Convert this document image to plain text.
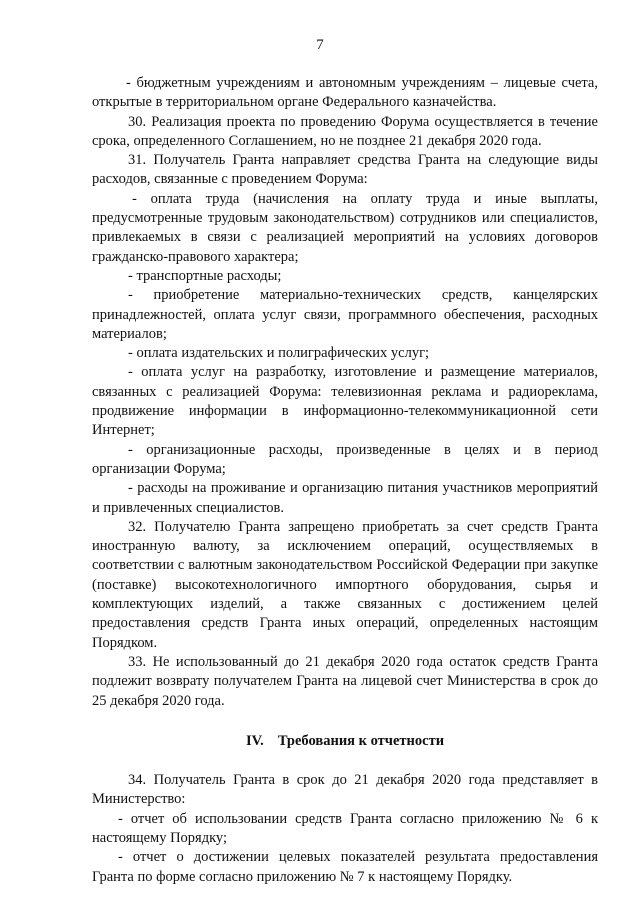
7

- бюджетным учреждениям и автономным учреждениям – лицевые счета, открытые в территориальном органе Федерального казначейства.

30. Реализация проекта по проведению Форума осуществляется в течение срока, определенного Соглашением, но не позднее 21 декабря 2020 года.

31. Получатель Гранта направляет средства Гранта на следующие виды расходов, связанные с проведением Форума:

- оплата труда (начисления на оплату труда и иные выплаты, предусмотренные трудовым законодательством) сотрудников или специалистов, привлекаемых в связи с реализацией мероприятий на условиях договоров гражданско-правового характера;

- транспортные расходы;

- приобретение материально-технических средств, канцелярских принадлежностей, оплата услуг связи, программного обеспечения, расходных материалов;

- оплата издательских и полиграфических услуг;

- оплата услуг на разработку, изготовление и размещение материалов, связанных с реализацией Форума: телевизионная реклама и радиореклама, продвижение информации в информационно-телекоммуникационной сети Интернет;

- организационные расходы, произведенные в целях и в период организации Форума;

- расходы на проживание и организацию питания участников мероприятий и привлеченных специалистов.

32. Получателю Гранта запрещено приобретать за счет средств Гранта иностранную валюту, за исключением операций, осуществляемых в соответствии с валютным законодательством Российской Федерации при закупке (поставке) высокотехнологичного импортного оборудования, сырья и комплектующих изделий, а также связанных с достижением целей предоставления средств Гранта иных операций, определенных настоящим Порядком.

33. Не использованный до 21 декабря 2020 года остаток средств Гранта подлежит возврату получателем Гранта на лицевой счет Министерства в срок до 25 декабря 2020 года.

IV. Требования к отчетности

34. Получатель Гранта в срок до 21 декабря 2020 года представляет в Министерство:

- отчет об использовании средств Гранта согласно приложению № 6 к настоящему Порядку;

- отчет о достижении целевых показателей результата предоставления Гранта по форме согласно приложению № 7 к настоящему Порядку.
